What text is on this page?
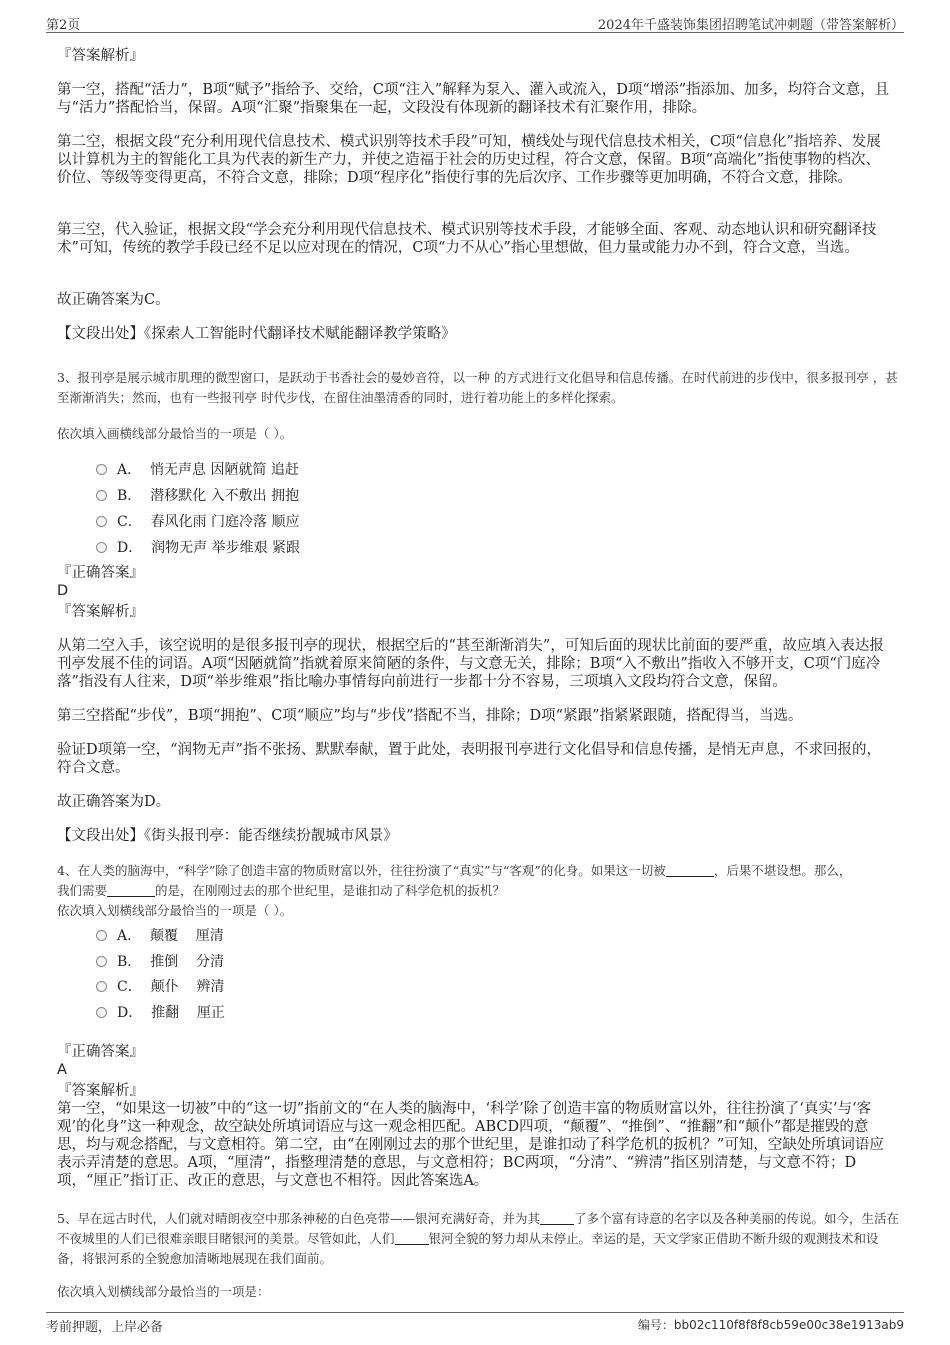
第2页	2024年千盛装饰集团招聘笔试冲刺题（带答案解析）

『答案解析』

第一空，搭配“活力”，B项“赋予”指给予、交给，C项“注入”解释为泵入、灌入或流入，D项“增添”指添加、加多，均符合文意，且与“活力”搭配恰当，保留。A项“汇聚”指聚集在一起，文段没有体现新的翻译技术有汇聚作用，排除。

第二空，根据文段“充分利用现代信息技术、模式识别等技术手段”可知，横线处与现代信息技术相关，C项“信息化”指培养、发展以计算机为主的智能化工具为代表的新生产力，并使之造福于社会的历史过程，符合文意，保留。B项“高端化”指使事物的档次、价位、等级等变得更高，不符合文意，排除；D项“程序化”指使行事的先后次序、工作步骤等更加明确，不符合文意，排除。

第三空，代入验证，根据文段“学会充分利用现代信息技术、模式识别等技术手段，才能够全面、客观、动态地认识和研究翻译技术”可知，传统的教学手段已经不足以应对现在的情况，C项“力不从心”指心里想做，但力量或能力办不到，符合文意，当选。

故正确答案为C。

【文段出处】《探索人工智能时代翻译技术赋能翻译教学策略》

3、报刊亭是展示城市肌理的微型窗口，是跃动于书香社会的曼妙音符，以一种 的方式进行文化倡导和信息传播。在时代前进的步伐中，很多报刊亭 ，甚至渐渐消失；然而，也有一些报刊亭 时代步伐，在留住油墨清香的同时，进行着功能上的多样化探索。

依次填入画横线部分最恰当的一项是（ ）。

A．  悄无声息 因陋就简 追赶
B．  潜移默化 入不敷出 拥抱
C．  春风化雨 门庭冷落 顺应
D．  润物无声 举步维艰 紧跟

『正确答案』

D

『答案解析』

从第二空入手，该空说明的是很多报刊亭的现状，根据空后的“甚至渐渐消失”，可知后面的现状比前面的要严重，故应填入表达报刊亭发展不佳的词语。A项“因陋就简”指就着原来简陋的条件，与文意无关，排除；B项“入不敷出”指收入不够开支，C项“门庭冷落”指没有人往来，D项“举步维艰”指比喻办事情每向前进行一步都十分不容易，三项填入文段均符合文意，保留。

第三空搭配“步伐”，B项“拥抱”、C项“顺应”均与“步伐”搭配不当，排除；D项“紧跟”指紧紧跟随，搭配得当，当选。

验证D项第一空，“润物无声”指不张扬、默默奉献，置于此处，表明报刊亭进行文化倡导和信息传播，是悄无声息，不求回报的，符合文意。

故正确答案为D。

【文段出处】《街头报刊亭：能否继续扮靓城市风景》

4、在人类的脑海中，“科学”除了创造丰富的物质财富以外，往往扮演了“真实”与“客观”的化身。如果这一切被	，后果不堪设想。那么，
我们需要	的是，在刚刚过去的那个世纪里，是谁扣动了科学危机的扳机？

依次填入划横线部分最恰当的一项是（ ）。

A．  颠覆    厘清
B．  推倒    分清
C．  颠仆    辨清
D．  推翻    厘正

『正确答案』

A

『答案解析』

第一空，“如果这一切被”中的“这一切”指前文的“在人类的脑海中，‘科学’除了创造丰富的物质财富以外，往往扮演了‘真实’与‘客观’的化身”这一种观念，故空缺处所填词语应与这一观念相匹配。ABCD四项，“颠覆”、“推倒”、“推翻”和“颠仆”都是摧毁的意思，均与观念搭配，与文意相符。第二空，由“在刚刚过去的那个世纪里，是谁扣动了科学危机的扳机？”可知，空缺处所填词语应表示弄清楚的意思。A项，“厘清”，指整理清楚的意思，与文意相符；BC两项，“分清”、“辨清”指区别清楚，与文意不符；D项，“厘正”指订正、改正的意思，与文意也不相符。因此答案选A。

5、早在远古时代，人们就对晴朗夜空中那条神秘的白色亮带——银河充满好奇，并为其	了多个富有诗意的名字以及各种美丽的传说。如今，生活在不夜城里的人们已很难亲眼目睹银河的美景。尽管如此，人们	银河全貌的努力却从未停止。幸运的是，天文学家正借助不断升级的观测技术和设备，将银河系的全貌愈加清晰地展现在我们面前。

依次填入划横线部分最恰当的一项是：

考前押题，上岸必备	编号：bb02c110f8f8f8cb59e00c38e1913ab9
